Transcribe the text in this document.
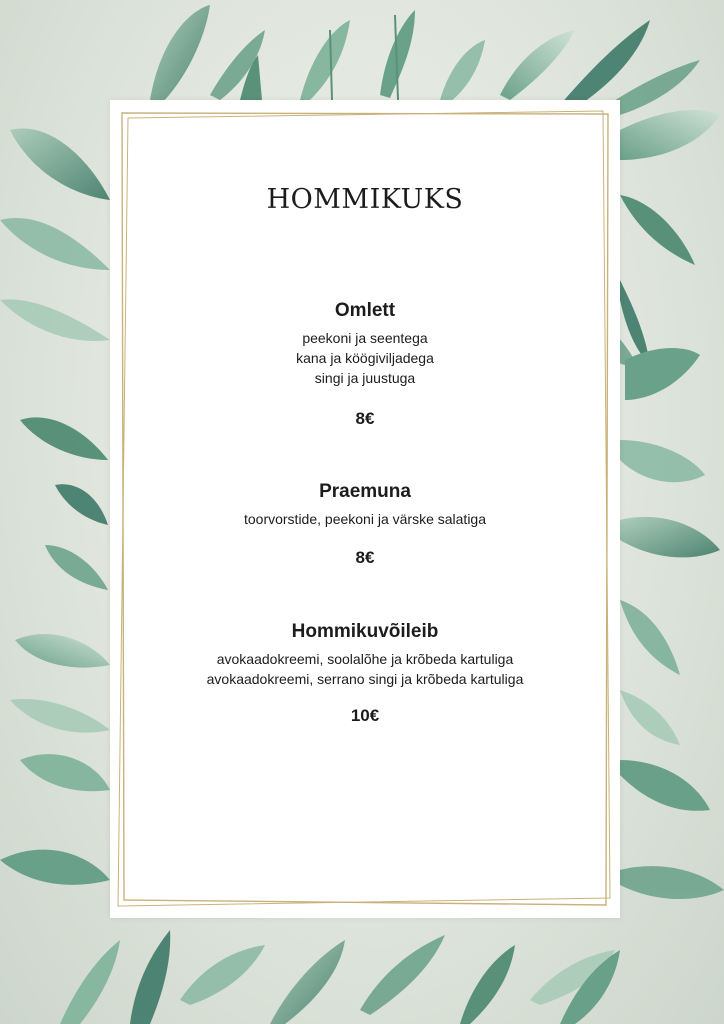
HOMMIKUKS

Omlett

peekoni ja seentega

kana ja köögiviljadega

singi ja juustuga

8€

Praemuna

toorvorstide, peekoni ja värske salatiga

8€

Hommikuvõileib

avokaadokreemi, soolalõhe ja krõbeda kartuliga

avokaadokreemi, serrano singi ja krõbeda kartuliga

10€
